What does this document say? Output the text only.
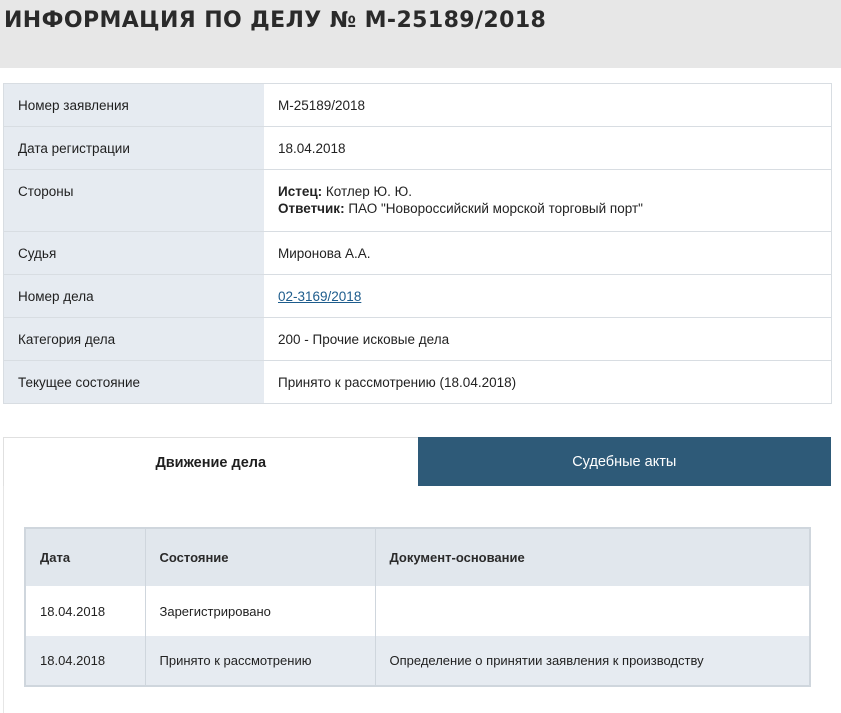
ИНФОРМАЦИЯ ПО ДЕЛУ № М-25189/2018
Номер заявления	М-25189/2018
Дата регистрации	18.04.2018
Стороны	Истец: Котлер Ю. Ю.
Ответчик: ПАО "Новороссийский морской торговый порт"
Судья	Миронова А.А.
Номер дела	02-3169/2018
Категория дела	200 - Прочие исковые дела
Текущее состояние	Принято к рассмотрению (18.04.2018)
Движение дела	Судебные акты
Дата	Состояние	Документ-основание
18.04.2018	Зарегистрировано	
18.04.2018	Принято к рассмотрению	Определение о принятии заявления к производству
